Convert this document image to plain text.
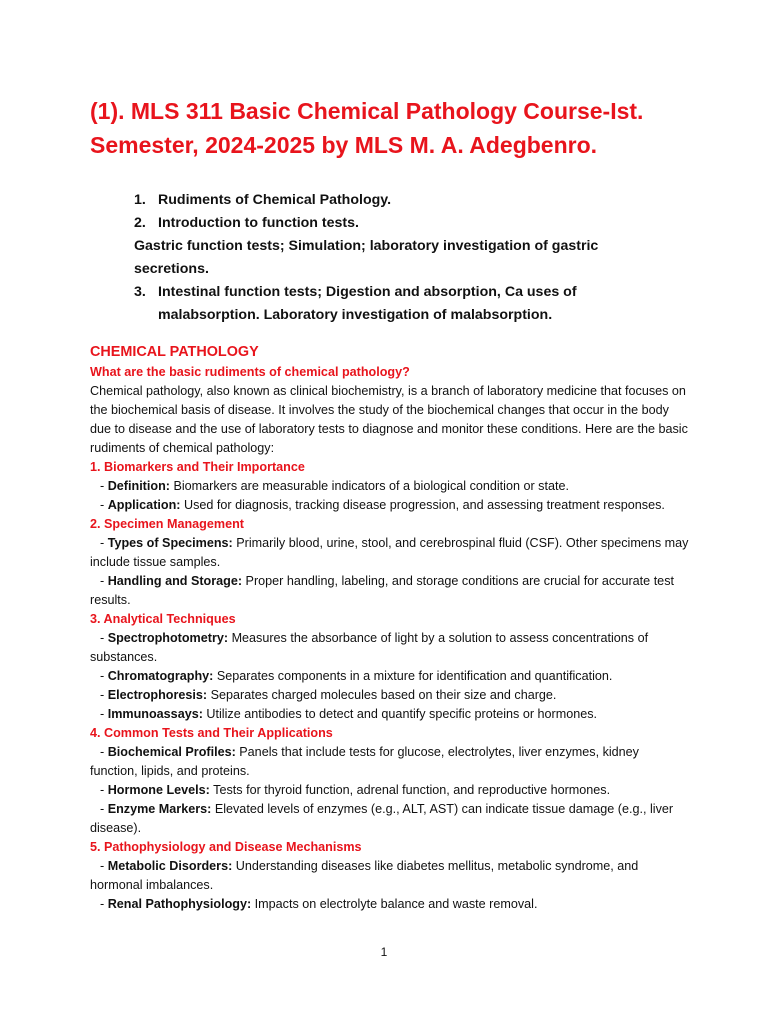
(1). MLS 311 Basic Chemical Pathology Course-Ist. Semester, 2024-2025 by MLS M. A. Adegbenro.
1. Rudiments of Chemical Pathology.
2. Introduction to function tests.
Gastric function tests; Simulation; laboratory investigation of gastric secretions.
3. Intestinal function tests; Digestion and absorption, Ca uses of malabsorption. Laboratory investigation of malabsorption.
CHEMICAL PATHOLOGY

What are the basic rudiments of chemical pathology?

Chemical pathology, also known as clinical biochemistry, is a branch of laboratory medicine that focuses on the biochemical basis of disease. It involves the study of the biochemical changes that occur in the body due to disease and the use of laboratory tests to diagnose and monitor these conditions. Here are the basic rudiments of chemical pathology:

1. Biomarkers and Their Importance

- Definition: Biomarkers are measurable indicators of a biological condition or state.

- Application: Used for diagnosis, tracking disease progression, and assessing treatment responses.

2. Specimen Management

- Types of Specimens: Primarily blood, urine, stool, and cerebrospinal fluid (CSF). Other specimens may include tissue samples.

- Handling and Storage: Proper handling, labeling, and storage conditions are crucial for accurate test results.

3. Analytical Techniques

- Spectrophotometry: Measures the absorbance of light by a solution to assess concentrations of substances.

- Chromatography: Separates components in a mixture for identification and quantification.

- Electrophoresis: Separates charged molecules based on their size and charge.

- Immunoassays: Utilize antibodies to detect and quantify specific proteins or hormones.

4. Common Tests and Their Applications

- Biochemical Profiles: Panels that include tests for glucose, electrolytes, liver enzymes, kidney function, lipids, and proteins.

- Hormone Levels: Tests for thyroid function, adrenal function, and reproductive hormones.

- Enzyme Markers: Elevated levels of enzymes (e.g., ALT, AST) can indicate tissue damage (e.g., liver disease).

5. Pathophysiology and Disease Mechanisms

- Metabolic Disorders: Understanding diseases like diabetes mellitus, metabolic syndrome, and hormonal imbalances.

- Renal Pathophysiology: Impacts on electrolyte balance and waste removal.

1
